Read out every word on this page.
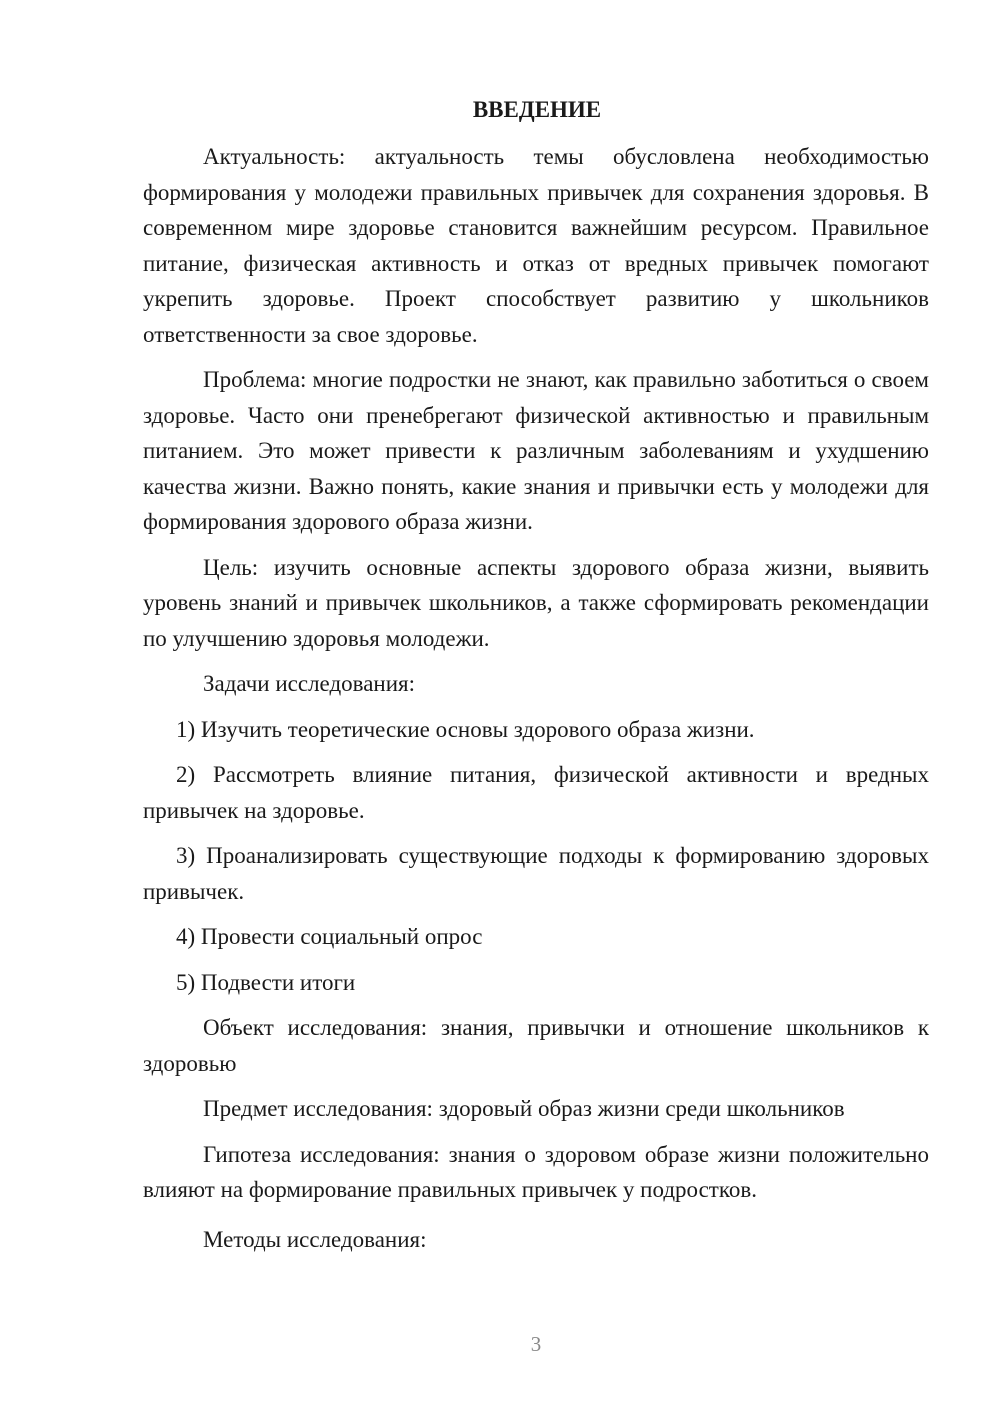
ВВЕДЕНИЕ

Актуальность: актуальность темы обусловлена необходимостью формирования у молодежи правильных привычек для сохранения здоровья. В современном мире здоровье становится важнейшим ресурсом. Правильное питание, физическая активность и отказ от вредных привычек помогают укрепить здоровье. Проект способствует развитию у школьников ответственности за свое здоровье.

Проблема: многие подростки не знают, как правильно заботиться о своем здоровье. Часто они пренебрегают физической активностью и правильным питанием. Это может привести к различным заболеваниям и ухудшению качества жизни. Важно понять, какие знания и привычки есть у молодежи для формирования здорового образа жизни.

Цель: изучить основные аспекты здорового образа жизни, выявить уровень знаний и привычек школьников, а также сформировать рекомендации по улучшению здоровья молодежи.

Задачи исследования:

1) Изучить теоретические основы здорового образа жизни.

2) Рассмотреть влияние питания, физической активности и вредных привычек на здоровье.

3) Проанализировать существующие подходы к формированию здоровых привычек.

4) Провести социальный опрос

5) Подвести итоги

Объект исследования: знания, привычки и отношение школьников к здоровью

Предмет исследования: здоровый образ жизни среди школьников

Гипотеза исследования: знания о здоровом образе жизни положительно влияют на формирование правильных привычек у подростков.

Методы исследования:

3
